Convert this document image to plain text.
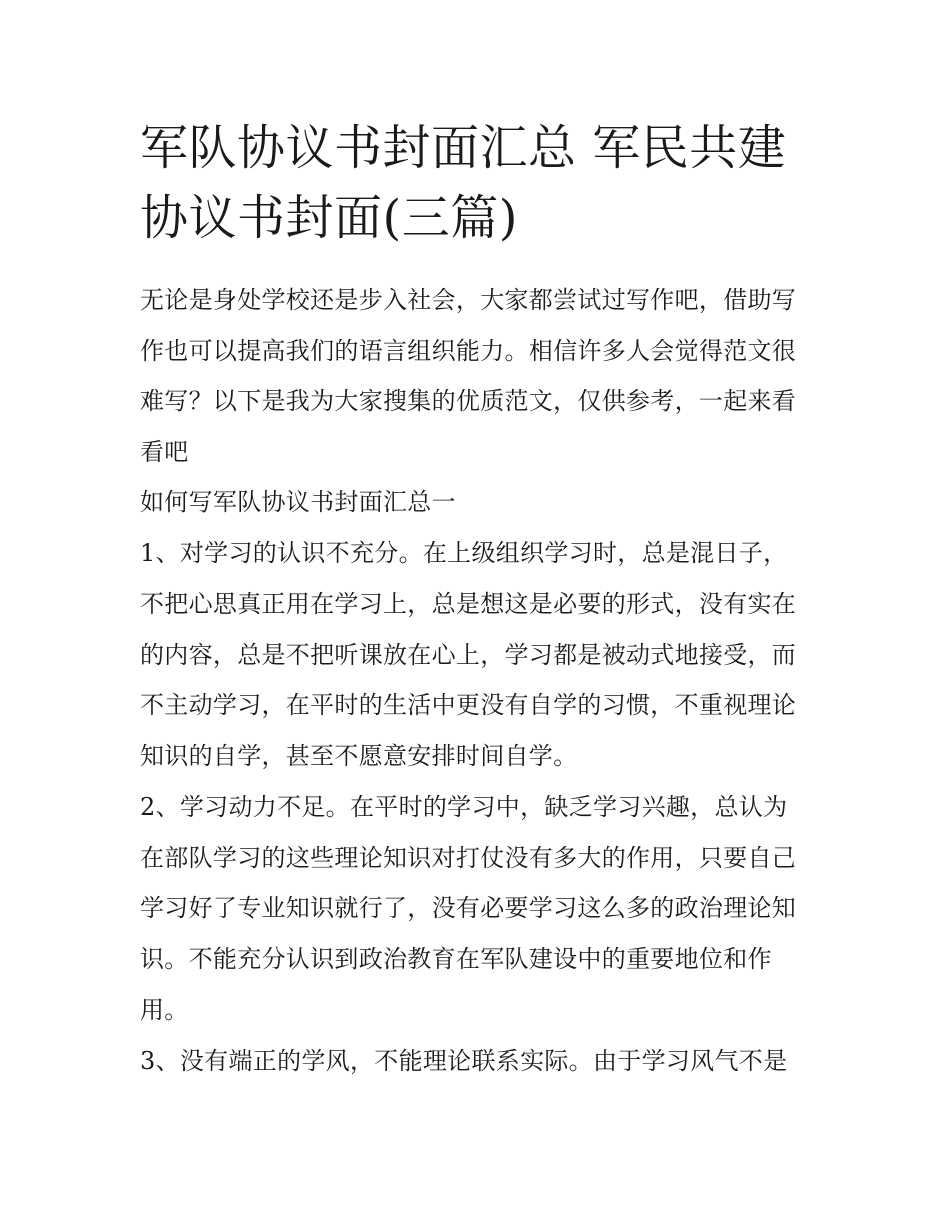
军队协议书封面汇总 军民共建
协议书封面(三篇)

无论是身处学校还是步入社会，大家都尝试过写作吧，借助写

作也可以提高我们的语言组织能力。相信许多人会觉得范文很

难写？以下是我为大家搜集的优质范文，仅供参考，一起来看

看吧

如何写军队协议书封面汇总一

1、对学习的认识不充分。在上级组织学习时，总是混日子，

不把心思真正用在学习上，总是想这是必要的形式，没有实在

的内容，总是不把听课放在心上，学习都是被动式地接受，而

不主动学习，在平时的生活中更没有自学的习惯，不重视理论

知识的自学，甚至不愿意安排时间自学。

2、学习动力不足。在平时的学习中，缺乏学习兴趣，总认为

在部队学习的这些理论知识对打仗没有多大的作用，只要自己

学习好了专业知识就行了，没有必要学习这么多的政治理论知

识。不能充分认识到政治教育在军队建设中的重要地位和作

用。

3、没有端正的学风，不能理论联系实际。由于学习风气不是
